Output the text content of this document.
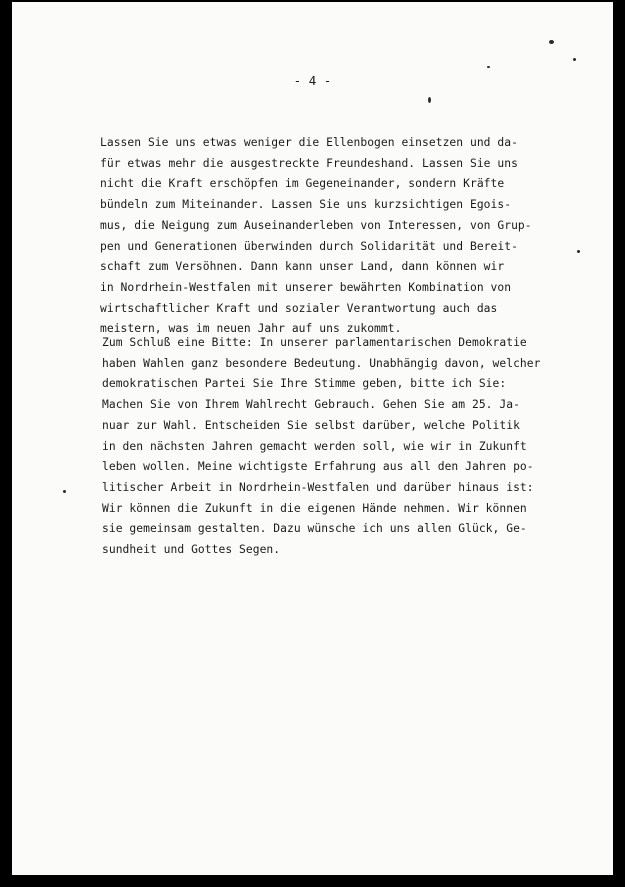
- 4 -

Lassen Sie uns etwas weniger die Ellenbogen einsetzen und da-
für etwas mehr die ausgestreckte Freundeshand. Lassen Sie uns
nicht die Kraft erschöpfen im Gegeneinander, sondern Kräfte
bündeln zum Miteinander. Lassen Sie uns kurzsichtigen Egois-
mus, die Neigung zum Auseinanderleben von Interessen, von Grup-
pen und Generationen überwinden durch Solidarität und Bereit-
schaft zum Versöhnen. Dann kann unser Land, dann können wir
in Nordrhein-Westfalen mit unserer bewährten Kombination von
wirtschaftlicher Kraft und sozialer Verantwortung auch das
meistern, was im neuen Jahr auf uns zukommt.

Zum Schluß eine Bitte: In unserer parlamentarischen Demokratie
haben Wahlen ganz besondere Bedeutung. Unabhängig davon, welcher
demokratischen Partei Sie Ihre Stimme geben, bitte ich Sie:
Machen Sie von Ihrem Wahlrecht Gebrauch. Gehen Sie am 25. Ja-
nuar zur Wahl. Entscheiden Sie selbst darüber, welche Politik
in den nächsten Jahren gemacht werden soll, wie wir in Zukunft
leben wollen. Meine wichtigste Erfahrung aus all den Jahren po-
litischer Arbeit in Nordrhein-Westfalen und darüber hinaus ist:
Wir können die Zukunft in die eigenen Hände nehmen. Wir können
sie gemeinsam gestalten. Dazu wünsche ich uns allen Glück, Ge-
sundheit und Gottes Segen.
